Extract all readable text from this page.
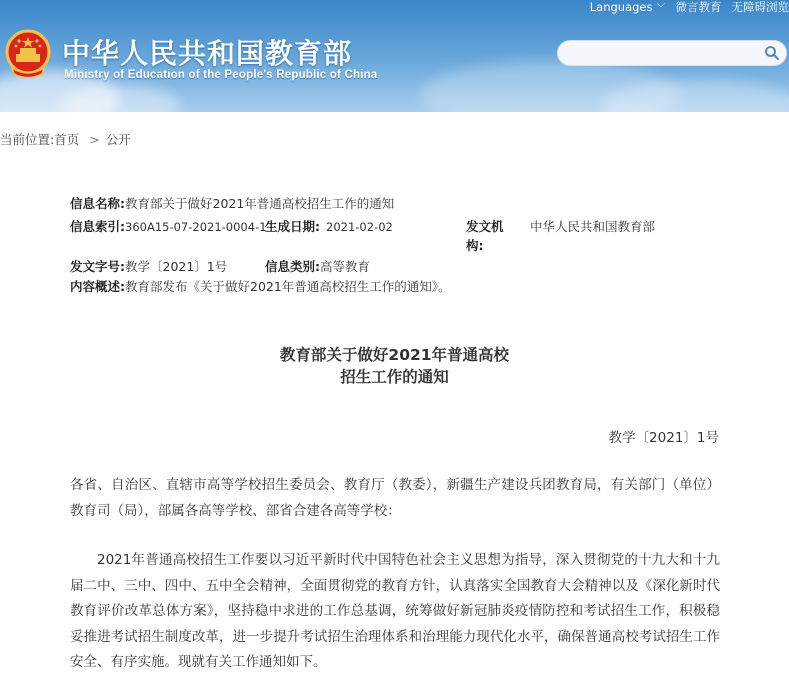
中华人民共和国教育部
Ministry of Education of the People's Republic of China
Languages ﹀ 微言教育 无障碍浏览
当前位置:首页 > 公开
信息名称:教育部关于做好2021年普通高校招生工作的通知
信息索引:360A15-07-2021-0004-1
生成日期: 2021-02-02	发文机
构:
中华人民共和国教育部
发文字号:教学〔2021〕1号	信息类别:高等教育
内容概述:教育部发布《关于做好2021年普通高校招生工作的通知》。
教育部关于做好2021年普通高校
招生工作的通知
教学〔2021〕1号

各省、自治区、直辖市高等学校招生委员会、教育厅（教委），新疆生产建设兵团教育局，有关部门（单位）教育司（局），部属各高等学校、部省合建各高等学校：

2021年普通高校招生工作要以习近平新时代中国特色社会主义思想为指导，深入贯彻党的十九大和十九届二中、三中、四中、五中全会精神，全面贯彻党的教育方针，认真落实全国教育大会精神以及《深化新时代教育评价改革总体方案》，坚持稳中求进的工作总基调，统筹做好新冠肺炎疫情防控和考试招生工作，积极稳妥推进考试招生制度改革，进一步提升考试招生治理体系和治理能力现代化水平，确保普通高校考试招生工作安全、有序实施。现就有关工作通知如下。
